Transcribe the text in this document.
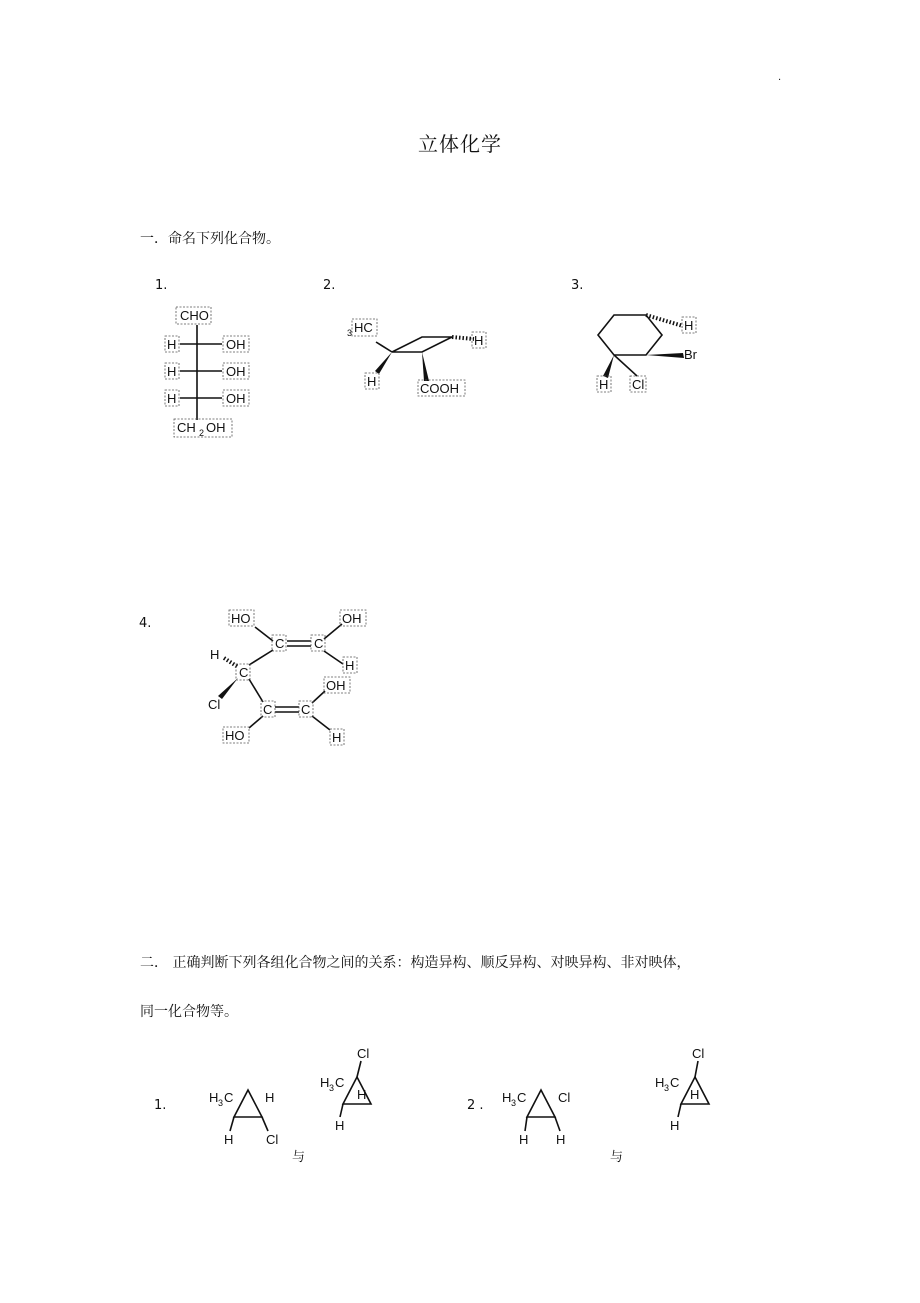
.
立体化学
一．命名下列化合物。
1.	2.	3.
4.
CHO
H	OH
H	OH
H	OH
CH 2 OH
3 HC
H
H
COOH
H
Br
H Cl
HO	OH
C C
H
H
C
Cl	C C
OH
HO	H
H 3 C H
H	Cl
Cl
H 3 C
H
H
H 3 C Cl
H H
Cl
H 3 C
H
H
二． 正确判断下列各组化合物之间的关系：构造异构、顺反异构、对映异构、非对映体，
同一化合物等。
1.
与
2 .
与
